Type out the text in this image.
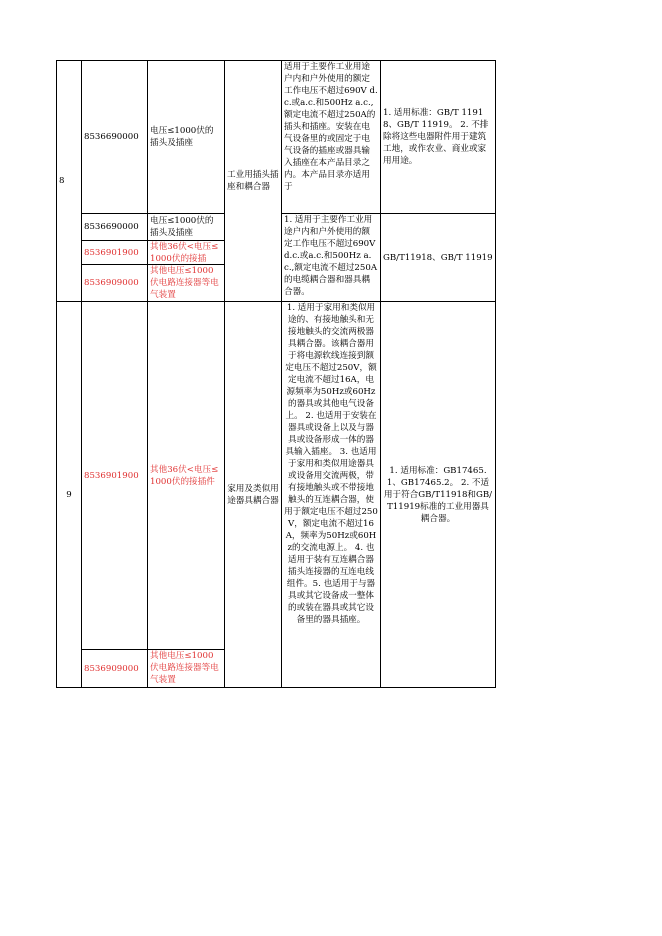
8
8536690000
电压≤1000伏的插头及插座
8536690000
电压≤1000伏的插头及插座
8536901900
其他36伏<电压≤1000伏的接插
8536909000
其他电压≤1000伏电路连接器等电气装置
工业用插头插座和耦合器
适用于主要作工业用途户内和户外使用的额定工作电压不超过690V d.c.或a.c.和500Hz a.c.,额定电流不超过250A的插头和插座。安装在电气设备里的或固定于电气设备的插座或器具输入插座在本产品目录之内。本产品目录亦适用于
1. 适用于主要作工业用途户内和户外使用的额定工作电压不超过690V d.c.或a.c.和500Hz a.c.,额定电流不超过250A的电缆耦合器和器具耦合器。
1. 适用标准：GB/T 11918、GB/T 11919。 2. 不排除将这些电器附件用于建筑工地，或作农业、商业或家用用途。
GB/T11918、GB/T 11919
9
8536901900
其他36伏<电压≤1000伏的接插件
8536909000
其他电压≤1000伏电路连接器等电气装置
家用及类似用途器具耦合器
1. 适用于家用和类似用途的、有接地触头和无接地触头的交流两极器具耦合器。该耦合器用于将电源软线连接到额定电压不超过250V，额定电流不超过16A，电源频率为50Hz或60Hz的器具或其他电气设备上。 2. 也适用于安装在器具或设备上以及与器具或设备形成一体的器具输入插座。 3. 也适用于家用和类似用途器具或设备用交流两极，带有接地触头或不带接地触头的互连耦合器，使用于额定电压不超过250V，额定电流不超过16A，频率为50Hz或60Hz的交流电源上。 4. 也适用于装有互连耦合器插头连接器的互连电线组件。5. 也适用于与器具或其它设备成一整体的或装在器具或其它设备里的器具插座。
1. 适用标准：GB17465.1、GB17465.2。 2. 不适用于符合GB/T11918和GB/T11919标准的工业用器具耦合器。
